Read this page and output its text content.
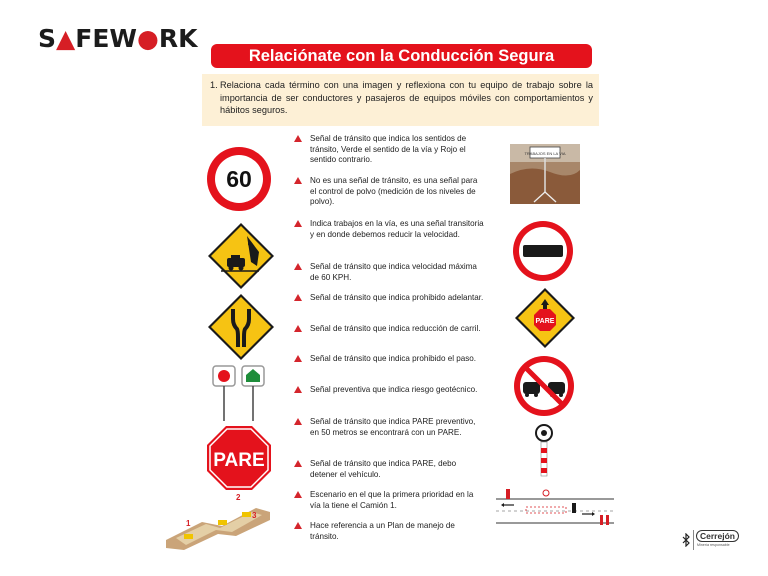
S▲FEW●RK
Relaciónate con la Conducción Segura
1. Relaciona cada término con una imagen y reflexiona con tu equipo de trabajo sobre la importancia de ser conductores y pasajeros de equipos móviles con comportamientos y hábitos seguros.
Señal de tránsito que indica los sentidos de tránsito, Verde el sentido de la vía y Rojo el sentido contrario.
No es una señal de tránsito, es una señal para el control de polvo (medición de los niveles de polvo).
Indica trabajos en la vía, es una señal transitoria y en donde debemos reducir la velocidad.
Señal de tránsito que indica velocidad máxima de 60 KPH.
Señal de tránsito que indica prohibido adelantar.
Señal de tránsito que indica reducción de carril.
Señal de tránsito que indica prohibido el paso.
Señal preventiva que indica riesgo geotécnico.
Señal de tránsito que indica PARE preventivo, en 50 metros se encontrará con un PARE.
Señal de tránsito que indica PARE, debo detener el vehículo.
Escenario en el que la primera prioridad en la vía la tiene el Camión 1.
Hace referencia a un Plan de manejo de tránsito.
60
PARE
1
2
3
TRABAJOS EN LA VIA
PARE
Cerrejón
Minería responsable
